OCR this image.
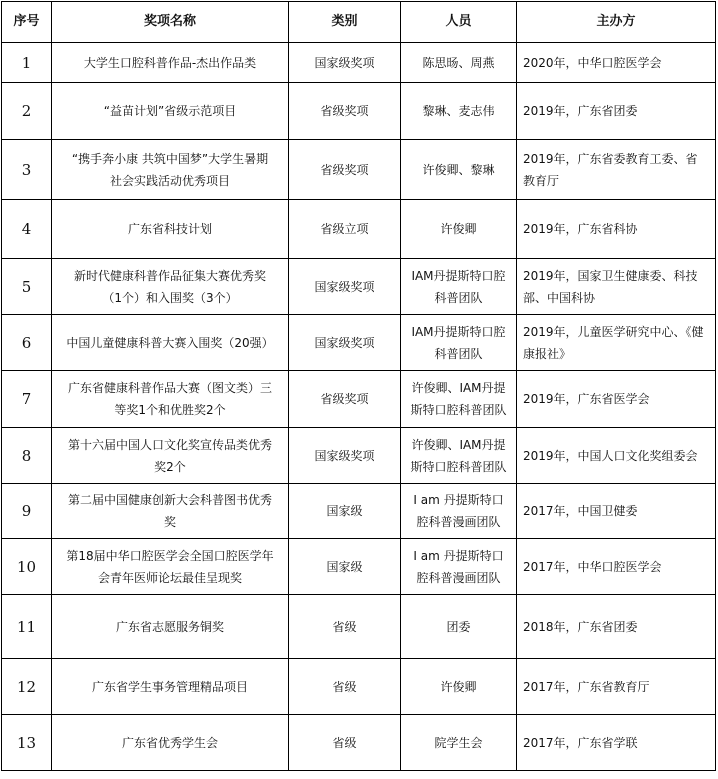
序号	奖项名称	类别	人员	主办方
1	大学生口腔科普作品-杰出作品类	国家级奖项	陈思旸、周燕	2020年，中华口腔医学会
2	“益苗计划”省级示范项目	省级奖项	黎琳、麦志伟	2019年，广东省团委
3	“携手奔小康 共筑中国梦”大学生暑期社会实践活动优秀项目	省级奖项	许俊卿、黎琳	2019年，广东省委教育工委、省教育厅
4	广东省科技计划	省级立项	许俊卿	2019年，广东省科协
5	新时代健康科普作品征集大赛优秀奖（1个）和入围奖（3个）	国家级奖项	IAM丹提斯特口腔科普团队	2019年，国家卫生健康委、科技部、中国科协
6	中国儿童健康科普大赛入围奖（20强）	国家级奖项	IAM丹提斯特口腔科普团队	2019年，儿童医学研究中心、《健康报社》
7	广东省健康科普作品大赛（图文类）三等奖1个和优胜奖2个	省级奖项	许俊卿、IAM丹提斯特口腔科普团队	2019年，广东省医学会
8	第十六届中国人口文化奖宣传品类优秀奖2个	国家级奖项	许俊卿、IAM丹提斯特口腔科普团队	2019年，中国人口文化奖组委会
9	第二届中国健康创新大会科普图书优秀奖	国家级	I am 丹提斯特口腔科普漫画团队	2017年，中国卫健委
10	第18届中华口腔医学会全国口腔医学年会青年医师论坛最佳呈现奖	国家级	I am 丹提斯特口腔科普漫画团队	2017年，中华口腔医学会
11	广东省志愿服务铜奖	省级	团委	2018年，广东省团委
12	广东省学生事务管理精品项目	省级	许俊卿	2017年，广东省教育厅
13	广东省优秀学生会	省级	院学生会	2017年，广东省学联
